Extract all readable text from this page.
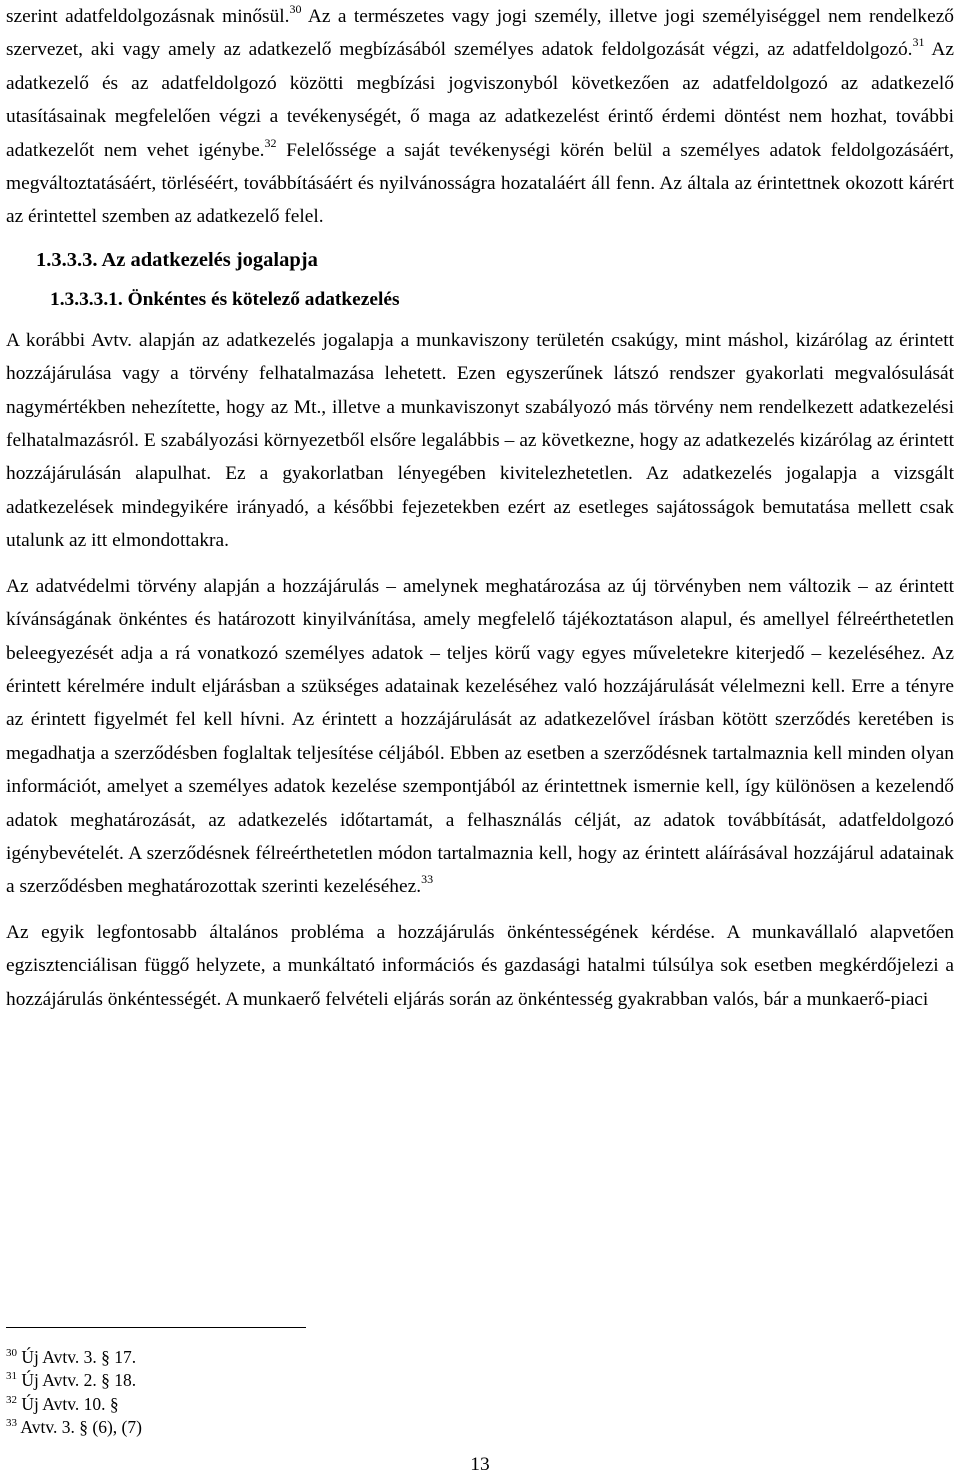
szerint adatfeldolgozásnak minősül.$^{30}$ Az a természetes vagy jogi személy, illetve jogi személyiséggel nem rendelkező szervezet, aki vagy amely az adatkezelő megbízásából személyes adatok feldolgozását végzi, az adatfeldolgozó.$^{31}$ Az adatkezelő és az adatfeldolgozó közötti megbízási jogviszonyból következően az adatfeldolgozó az adatkezelő utasításainak megfelelően végzi a tevékenységét, ő maga az adatkezelést érintő érdemi döntést nem hozhat, további adatkezelőt nem vehet igénybe.$^{32}$ Felelőssége a saját tevékenységi körén belül a személyes adatok feldolgozásáért, megváltoztatásáért, törléséért, továbbításáért és nyilvánosságra hozataláért áll fenn. Az általa az érintettnek okozott kárért az érintettel szemben az adatkezelő felel.

1.3.3.3. Az adatkezelés jogalapja
1.3.3.3.1. Önkéntes és kötelező adatkezelés

A korábbi Avtv. alapján az adatkezelés jogalapja a munkaviszony területén csakúgy, mint máshol, kizárólag az érintett hozzájárulása vagy a törvény felhatalmazása lehetett. Ezen egyszerűnek látszó rendszer gyakorlati megvalósulását nagymértékben nehezítette, hogy az Mt., illetve a munkaviszonyt szabályozó más törvény nem rendelkezett adatkezelési felhatalmazásról. E szabályozási környezetből elsőre legalábbis – az következne, hogy az adatkezelés kizárólag az érintett hozzájárulásán alapulhat. Ez a gyakorlatban lényegében kivitelezhetetlen. Az adatkezelés jogalapja a vizsgált adatkezelések mindegyikére irányadó, a későbbi fejezetekben ezért az esetleges sajátosságok bemutatása mellett csak utalunk az itt elmondottakra.

Az adatvédelmi törvény alapján a hozzájárulás – amelynek meghatározása az új törvényben nem változik – az érintett kívánságának önkéntes és határozott kinyilvánítása, amely megfelelő tájékoztatáson alapul, és amellyel félreérthetetlen beleegyezését adja a rá vonatkozó személyes adatok – teljes körű vagy egyes műveletekre kiterjedő – kezeléséhez. Az érintett kérelmére indult eljárásban a szükséges adatainak kezeléséhez való hozzájárulását vélelmezni kell. Erre a tényre az érintett figyelmét fel kell hívni. Az érintett a hozzájárulását az adatkezelővel írásban kötött szerződés keretében is megadhatja a szerződésben foglaltak teljesítése céljából. Ebben az esetben a szerződésnek tartalmaznia kell minden olyan információt, amelyet a személyes adatok kezelése szempontjából az érintettnek ismernie kell, így különösen a kezelendő adatok meghatározását, az adatkezelés időtartamát, a felhasználás célját, az adatok továbbítását, adatfeldolgozó igénybevételét. A szerződésnek félreérthetetlen módon tartalmaznia kell, hogy az érintett aláírásával hozzájárul adatainak a szerződésben meghatározottak szerinti kezeléséhez.$^{33}$

Az egyik legfontosabb általános probléma a hozzájárulás önkéntességének kérdése. A munkavállaló alapvetően egzisztenciálisan függő helyzete, a munkáltató információs és gazdasági hatalmi túlsúlya sok esetben megkérdőjelezi a hozzájárulás önkéntességét. A munkaerő felvételi eljárás során az önkéntesség gyakrabban valós, bár a munkaerő-piaci

$^{30}$ Új Avtv. 3. § 17.
$^{31}$ Új Avtv. 2. § 18.
$^{32}$ Új Avtv. 10. §
$^{33}$ Avtv. 3. § (6), (7)
13
